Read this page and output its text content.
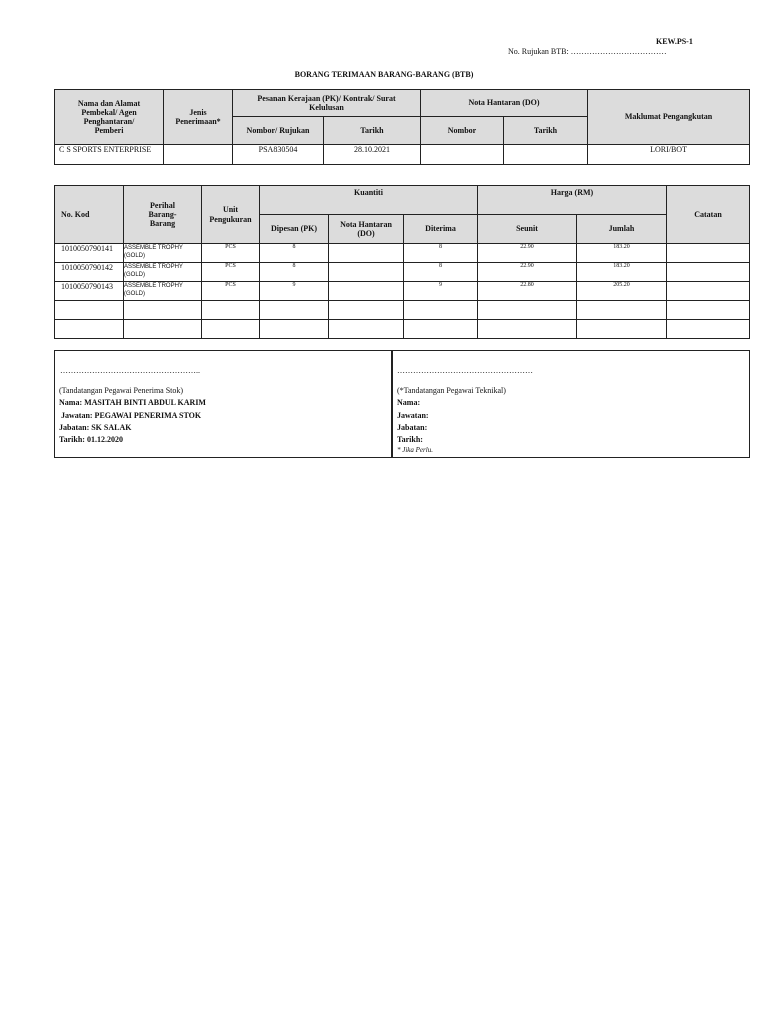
KEW.PS-1
No. Rujukan BTB: ………………………………
BORANG TERIMAAN BARANG-BARANG (BTB)
Nama dan Alamat Pembekal/ Agen Penghantaran/ Pemberi	Jenis Penerimaan*	Pesanan Kerajaan (PK)/ Kontrak/ Surat Kelulusan		Nota Hantaran (DO)		Maklumat Pengangkutan
		Nombor/ Rujukan	Tarikh	Nombor	Tarikh	
C S SPORTS ENTERPRISE		PSA830504	28.10.2021			LORI/BOT
No. Kod	Perihal Barang-Barang	Unit Pengukuran	Kuantiti			Harga (RM)		Catatan
			Dipesan (PK)	Nota Hantaran (DO)	Diterima	Seunit	Jumlah	
1010050790141	ASSEMBLE TROPHY (GOLD)	PCS	8		8	22.90	183.20	
1010050790142	ASSEMBLE TROPHY (GOLD)	PCS	8		8	22.90	183.20	
1010050790143	ASSEMBLE TROPHY (GOLD)	PCS	9		9	22.80	205.20	

……………………………………………..
(Tandatangan Pegawai Penerima Stok)
Nama: MASITAH BINTI ABDUL KARIM
Jawatan: PEGAWAI PENERIMA STOK
Jabatan: SK SALAK
Tarikh: 01.12.2020
……………………………………………
(*Tandatangan Pegawai Teknikal)
Nama:
Jawatan:
Jabatan:
Tarikh:
* Jika Perlu.
